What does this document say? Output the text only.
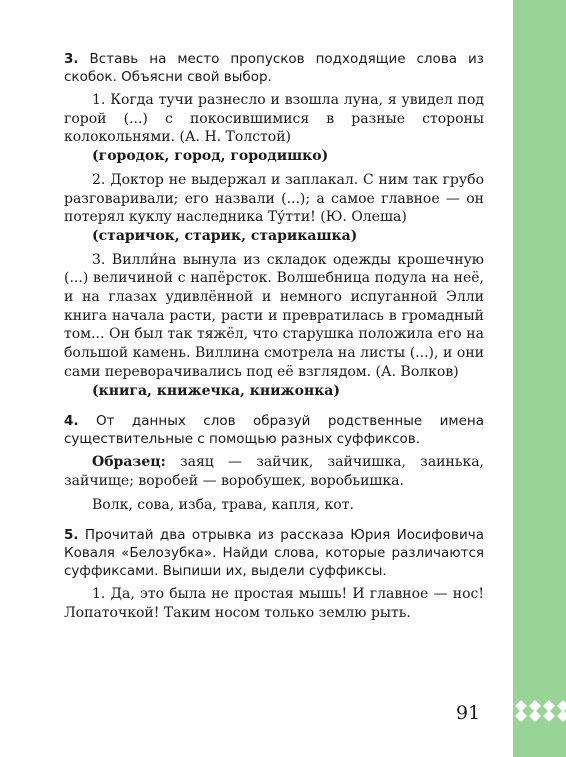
3. Вставь на место пропусков подходящие слова из скобок. Объясни свой выбор.

1. Когда тучи разнесло и взошла луна, я увидел под горой (...) с покосившимися в разные стороны колокольнями. (А. Н. Толстой)

(городок, город, городишко)

2. Доктор не выдержал и заплакал. С ним так грубо разговаривали; его назвали (...); а самое главное — он потерял куклу наследника Ту́тти! (Ю. Олеша)

(старичок, старик, старикашка)

3. Вилли́на вынула из складок одежды крошечную (...) величиной с напёрсток. Волшебница подула на неё, и на глазах удивлённой и немного испуганной Элли книга начала расти, расти и превратилась в громадный том... Он был так тяжёл, что старушка положила его на большой камень. Виллина смотрела на листы (...), и они сами переворачивались под её взглядом. (А. Волков)

(книга, книжечка, книжонка)

4. От данных слов образуй родственные имена существительные с помощью разных суффиксов.

Образец: заяц — зайчик, зайчишка, заинька, зайчище; воробей — воробушек, воробьишка.

Волк, сова, изба, трава, капля, кот.

5. Прочитай два отрывка из рассказа Юрия Иосифовича Коваля «Белозубка». Найди слова, которые различаются суффиксами. Выпиши их, выдели суффиксы.

1. Да, это была не простая мышь! И главное — нос! Лопаточкой! Таким носом только землю рыть.

91
